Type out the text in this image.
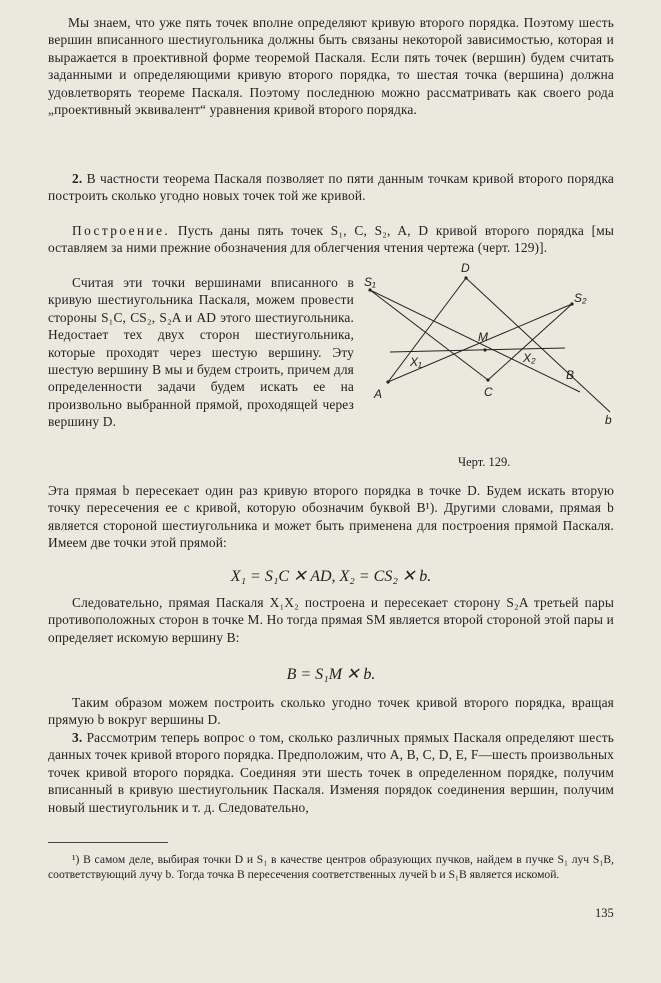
Мы знаем, что уже пять точек вполне определяют кривую второго порядка. Поэтому шесть вершин вписанного шестиугольника должны быть связаны некоторой зависимостью, которая и выражается в проективной форме теоремой Паскаля. Если пять точек (вершин) будем считать заданными и определяющими кривую второго порядка, то шестая точка (вершина) должна удовлетворять теореме Паскаля. Поэтому последнюю можно рассматривать как своего рода „проективный эквивалент“ уравнения кривой второго порядка.
2. В частности теорема Паскаля позволяет по пяти данным точкам кривой второго порядка построить сколько угодно новых точек той же кривой.
Построение. Пусть даны пять точек S₁, C, S₂, A, D кривой второго порядка [мы оставляем за ними прежние обозначения для облегчения чтения чертежа (черт. 129)].
Считая эти точки вершинами вписанного в кривую шестиугольника Паскаля, можем провести стороны S₁C, CS₂, S₂A и AD этого шестиугольника. Недостает тех двух сторон шестиугольника, которые проходят через шестую вершину. Эту шестую вершину B мы и будем строить, причем для определенности задачи будем искать ее на произвольно выбранной прямой, проходящей через вершину D.
D
S₁
S₂
M
X₁	X₂
A
B
C
b
Черт. 129.
Эта прямая b пересекает один раз кривую второго порядка в точке D. Будем искать вторую точку пересечения ее с кривой, которую обозначим буквой B¹). Другими словами, прямая b является стороной шестиугольника и может быть применена для построения прямой Паскаля. Имеем две точки этой прямой:
X₁ = S₁C ✕ AD, X₂ = CS₂ ✕ b.
Следовательно, прямая Паскаля X₁X₂ построена и пересекает сторону S₂A третьей пары противоположных сторон в точке M. Но тогда прямая SM является второй стороной этой пары и определяет искомую вершину B:
B = S₁M ✕ b.
Таким образом можем построить сколько угодно точек кривой второго порядка, вращая прямую b вокруг вершины D.
3. Рассмотрим теперь вопрос о том, сколько различных прямых Паскаля определяют шесть данных точек кривой второго порядка. Предположим, что A, B, C, D, E, F—шесть произвольных точек кривой второго порядка. Соединяя эти шесть точек в определенном порядке, получим вписанный в кривую шестиугольник Паскаля. Изменяя порядок соединения вершин, получим новый шестиугольник и т. д. Следовательно,
¹) В самом деле, выбирая точки D и S₁ в качестве центров образующих пучков, найдем в пучке S₁ луч S₁B, соответствующий лучу b. Тогда точка B пересечения соответственных лучей b и S₁B является искомой.
135
